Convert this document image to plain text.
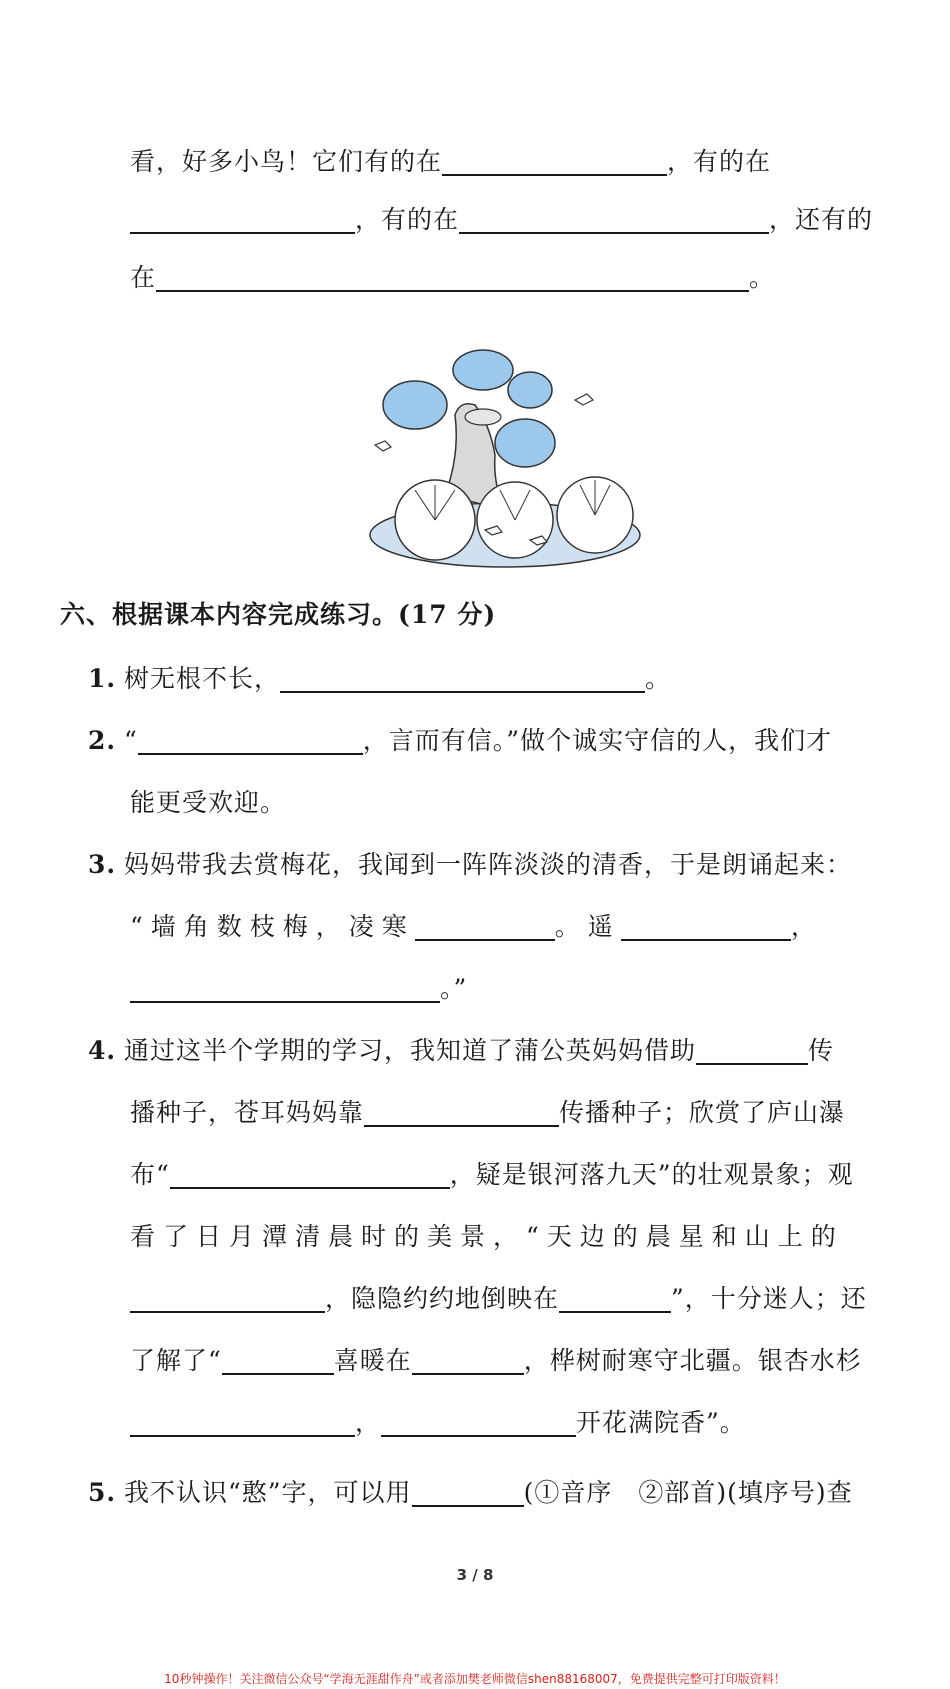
看，好多小鸟！它们有的在	，有的在
，有的在	，还有的
在	。
六、根据课本内容完成练习。(17 分)
1. 树无根不长，	。
2. “	，言而有信。”做个诚实守信的人，我们才
能更受欢迎。
3. 妈妈带我去赏梅花，我闻到一阵阵淡淡的清香，于是朗诵起来：
“墙角数枝梅，凌寒	。遥	，
。”
4. 通过这半个学期的学习，我知道了蒲公英妈妈借助	传
播种子，苍耳妈妈靠	传播种子；欣赏了庐山瀑
布“	，疑是银河落九天”的壮观景象；观
看了日月潭清晨时的美景，“天边的晨星和山上的
，隐隐约约地倒映在	”，十分迷人；还
了解了“	喜暖在	，桦树耐寒守北疆。银杏水杉
，	开花满院香”。
5. 我不认识“憨”字，可以用	(①音序　②部首)(填序号)查
3 / 8
10秒钟操作！关注微信公众号“学海无涯甜作舟”或者添加樊老师微信shen88168007，免费提供完整可打印版资料！
